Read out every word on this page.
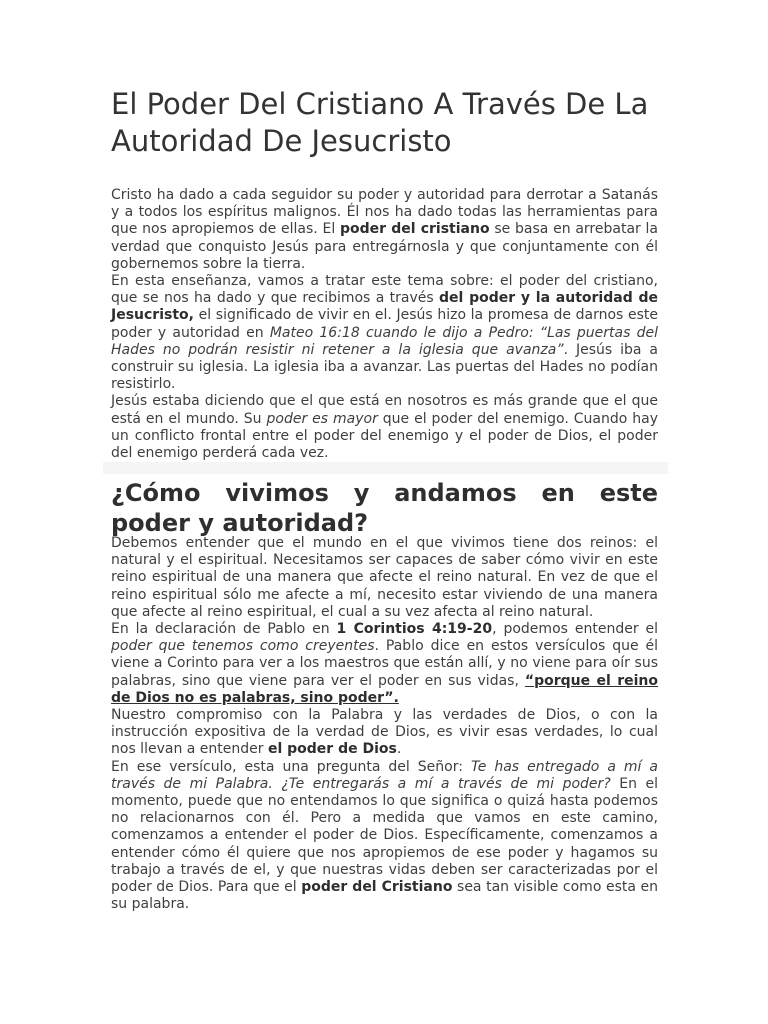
El Poder Del Cristiano A Través De La Autoridad De Jesucristo

Cristo ha dado a cada seguidor su poder y autoridad para derrotar a Satanás y a todos los espíritus malignos. Él nos ha dado todas las herramientas para que nos apropiemos de ellas. El poder del cristiano se basa en arrebatar la verdad que conquisto Jesús para entregárnosla y que conjuntamente con él gobernemos sobre la tierra.

En esta enseñanza, vamos a tratar este tema sobre: el poder del cristiano, que se nos ha dado y que recibimos a través del poder y la autoridad de Jesucristo, el significado de vivir en el. Jesús hizo la promesa de darnos este poder y autoridad en Mateo 16:18 cuando le dijo a Pedro: “Las puertas del Hades no podrán resistir ni retener a la iglesia que avanza”. Jesús iba a construir su iglesia. La iglesia iba a avanzar. Las puertas del Hades no podían resistirlo.

Jesús estaba diciendo que el que está en nosotros es más grande que el que está en el mundo. Su poder es mayor que el poder del enemigo. Cuando hay un conflicto frontal entre el poder del enemigo y el poder de Dios, el poder del enemigo perderá cada vez.

¿Cómo vivimos y andamos en este
poder y autoridad?

Debemos entender que el mundo en el que vivimos tiene dos reinos: el natural y el espiritual. Necesitamos ser capaces de saber cómo vivir en este reino espiritual de una manera que afecte el reino natural. En vez de que el reino espiritual sólo me afecte a mí, necesito estar viviendo de una manera que afecte al reino espiritual, el cual a su vez afecta al reino natural.

En la declaración de Pablo en 1 Corintios 4:19-20, podemos entender el poder que tenemos como creyentes. Pablo dice en estos versículos que él viene a Corinto para ver a los maestros que están allí, y no viene para oír sus palabras, sino que viene para ver el poder en sus vidas, “porque el reino de Dios no es palabras, sino poder”.

Nuestro compromiso con la Palabra y las verdades de Dios, o con la instrucción expositiva de la verdad de Dios, es vivir esas verdades, lo cual nos llevan a entender el poder de Dios.

En ese versículo, esta una pregunta del Señor: Te has entregado a mí a través de mi Palabra. ¿Te entregarás a mí a través de mi poder? En el momento, puede que no entendamos lo que significa o quizá hasta podemos no relacionarnos con él. Pero a medida que vamos en este camino, comenzamos a entender el poder de Dios. Específicamente, comenzamos a entender cómo él quiere que nos apropiemos de ese poder y hagamos su trabajo a través de el, y que nuestras vidas deben ser caracterizadas por el poder de Dios. Para que el poder del Cristiano sea tan visible como esta en su palabra.
